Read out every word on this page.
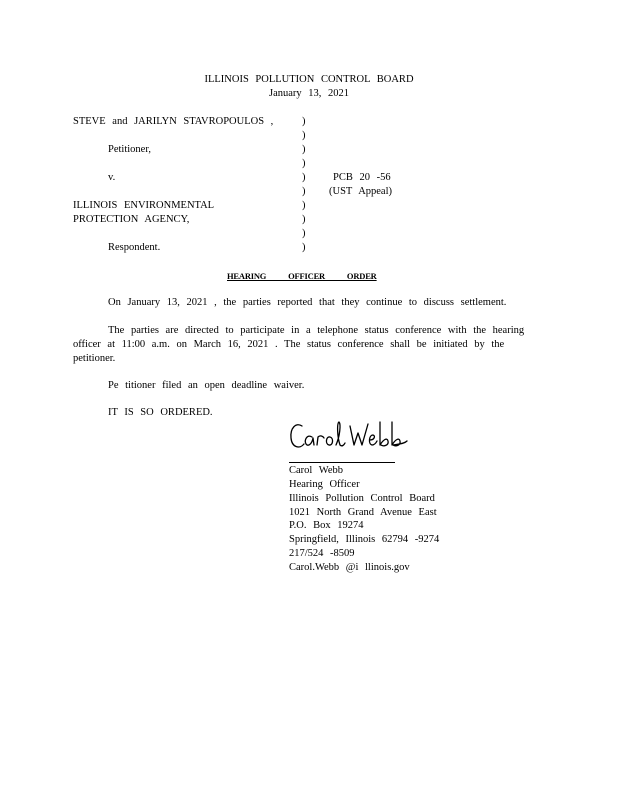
ILLINOIS POLLUTION CONTROL BOARD
January 13, 2021
STEVE and JARILYN STAVROPOULOS ,
Petitioner,
v.
ILLINOIS ENVIRONMENTAL
PROTECTION AGENCY,
Respondent.
)
)
)
)
)
)
)
)
)
)
PCB 20 -56
(UST Appeal)
HEARING OFFICER ORDER
On January 13, 2021 , the parties reported that they continue to discuss settlement.
The parties are directed to participate in a telephone status conference with the hearing
officer at 11:00 a.m. on March 16, 2021 . The status conference shall be initiated by the
petitioner.
Pe titioner filed an open deadline waiver.
IT IS SO ORDERED.
Carol Webb
Hearing Officer
Illinois Pollution Control Board
1021 North Grand Avenue East
P.O. Box 19274
Springfield, Illinois 62794 -9274
217/524 -8509
Carol.Webb @i llinois.gov
